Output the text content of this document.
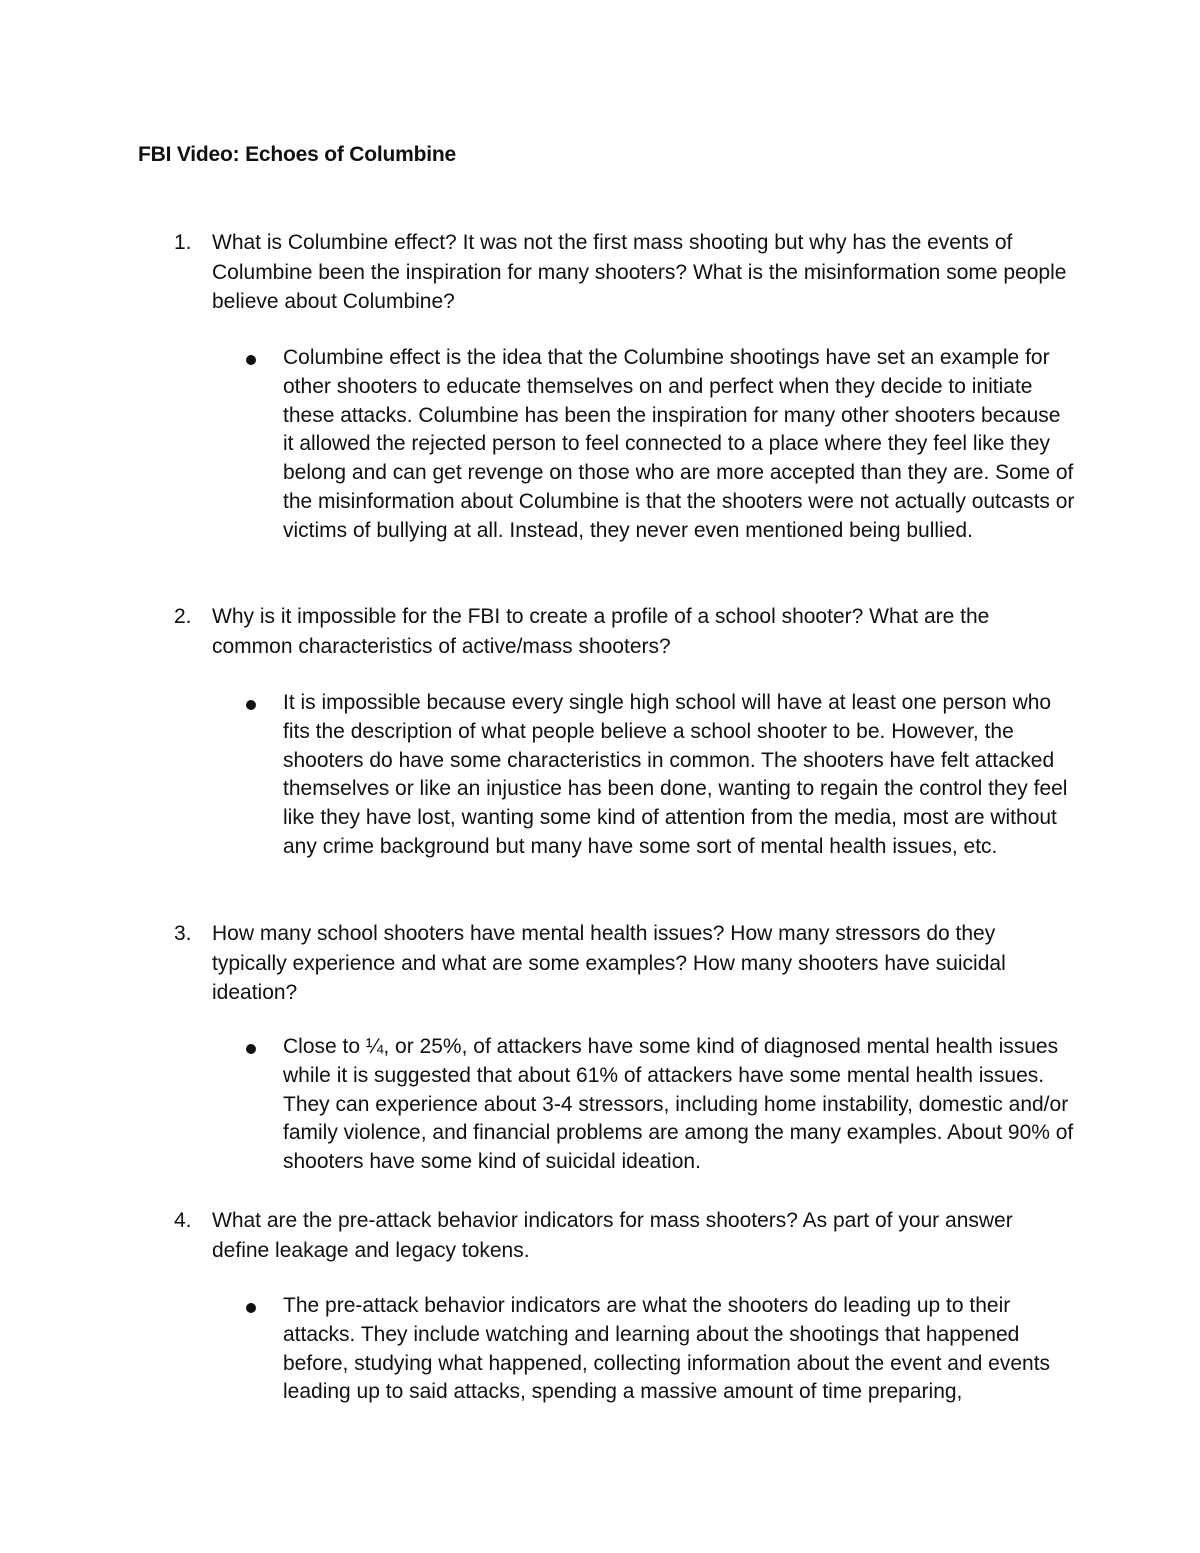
FBI Video: Echoes of Columbine
1. What is Columbine effect? It was not the first mass shooting but why has the events of Columbine been the inspiration for many shooters? What is the misinformation some people believe about Columbine?
Columbine effect is the idea that the Columbine shootings have set an example for other shooters to educate themselves on and perfect when they decide to initiate these attacks. Columbine has been the inspiration for many other shooters because it allowed the rejected person to feel connected to a place where they feel like they belong and can get revenge on those who are more accepted than they are. Some of the misinformation about Columbine is that the shooters were not actually outcasts or victims of bullying at all. Instead, they never even mentioned being bullied.
2. Why is it impossible for the FBI to create a profile of a school shooter? What are the common characteristics of active/mass shooters?
It is impossible because every single high school will have at least one person who fits the description of what people believe a school shooter to be. However, the shooters do have some characteristics in common. The shooters have felt attacked themselves or like an injustice has been done, wanting to regain the control they feel like they have lost, wanting some kind of attention from the media, most are without any crime background but many have some sort of mental health issues, etc.
3. How many school shooters have mental health issues? How many stressors do they typically experience and what are some examples? How many shooters have suicidal ideation?
Close to ¼, or 25%, of attackers have some kind of diagnosed mental health issues while it is suggested that about 61% of attackers have some mental health issues. They can experience about 3-4 stressors, including home instability, domestic and/or family violence, and financial problems are among the many examples. About 90% of shooters have some kind of suicidal ideation.
4. What are the pre-attack behavior indicators for mass shooters? As part of your answer define leakage and legacy tokens.
The pre-attack behavior indicators are what the shooters do leading up to their attacks. They include watching and learning about the shootings that happened before, studying what happened, collecting information about the event and events leading up to said attacks, spending a massive amount of time preparing,
